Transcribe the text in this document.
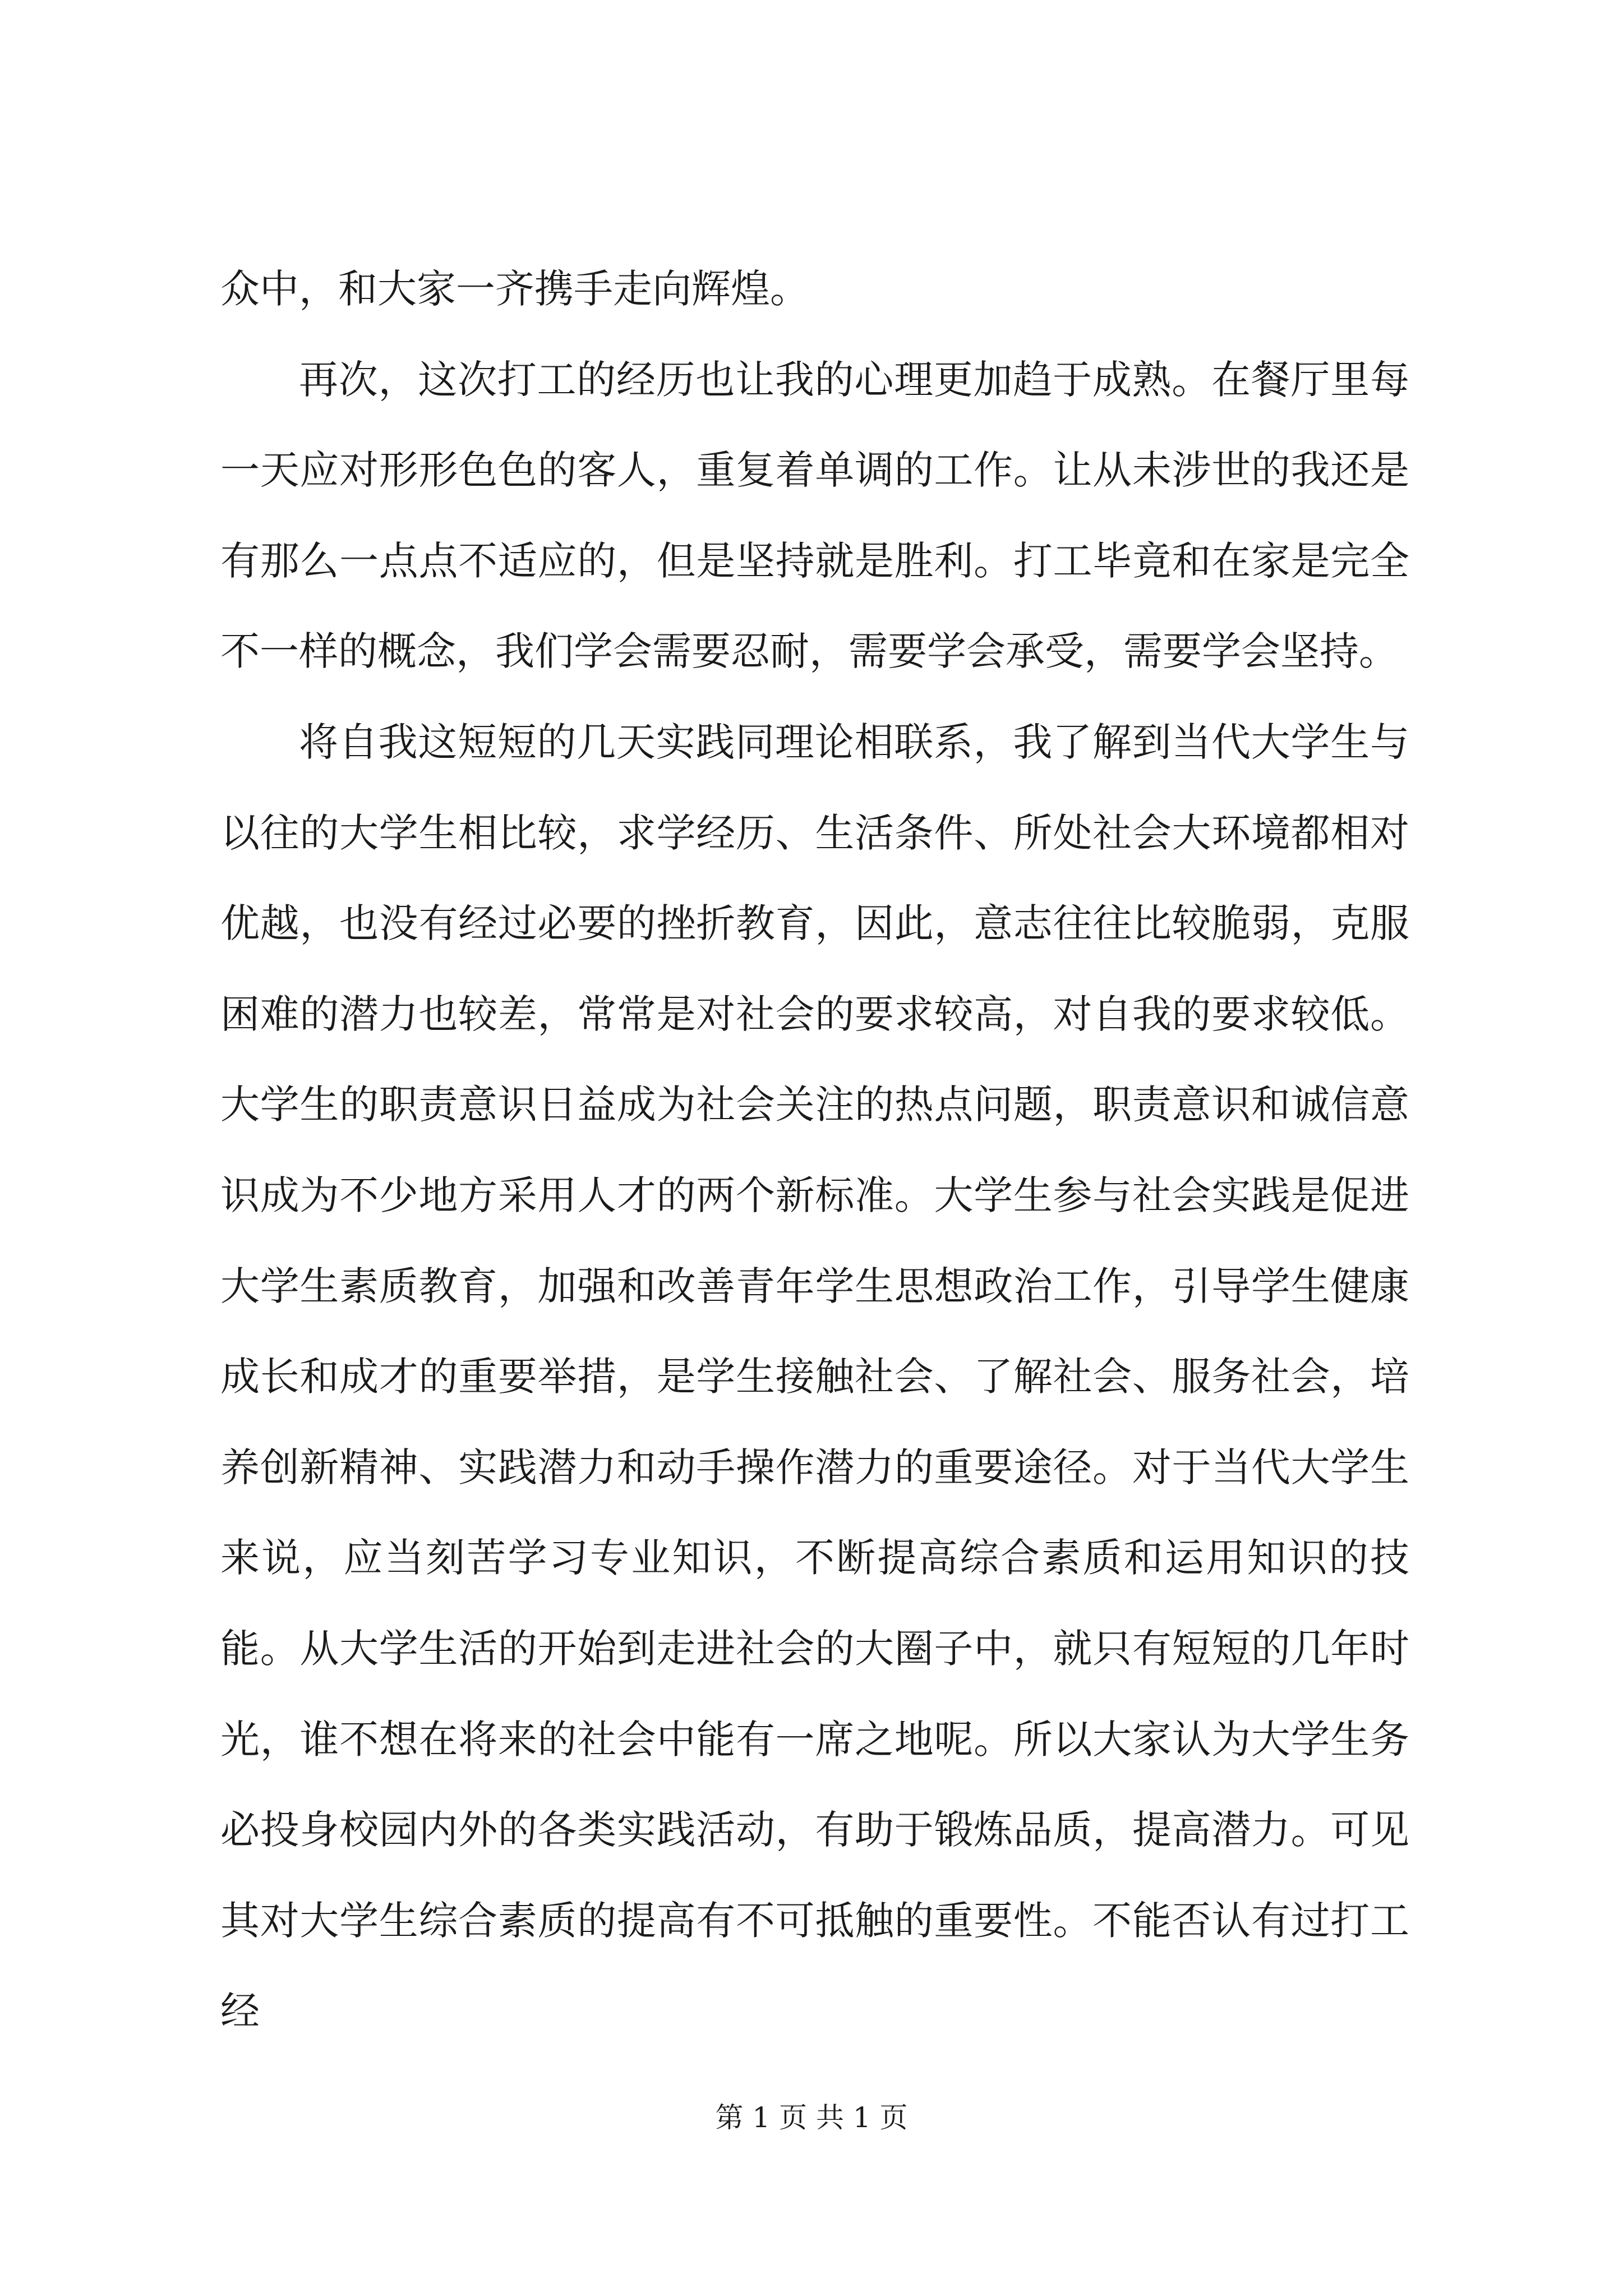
众中，和大家一齐携手走向辉煌。

再次，这次打工的经历也让我的心理更加趋于成熟。在餐厅里每一天应对形形色色的客人，重复着单调的工作。让从未涉世的我还是有那么一点点不适应的，但是坚持就是胜利。打工毕竟和在家是完全不一样的概念，我们学会需要忍耐，需要学会承受，需要学会坚持。

将自我这短短的几天实践同理论相联系，我了解到当代大学生与以往的大学生相比较，求学经历、生活条件、所处社会大环境都相对优越，也没有经过必要的挫折教育，因此，意志往往比较脆弱，克服困难的潜力也较差，常常是对社会的要求较高，对自我的要求较低。大学生的职责意识日益成为社会关注的热点问题，职责意识和诚信意识成为不少地方采用人才的两个新标准。大学生参与社会实践是促进大学生素质教育，加强和改善青年学生思想政治工作，引导学生健康成长和成才的重要举措，是学生接触社会、了解社会、服务社会，培养创新精神、实践潜力和动手操作潜力的重要途径。对于当代大学生来说，应当刻苦学习专业知识，不断提高综合素质和运用知识的技能。从大学生活的开始到走进社会的大圈子中，就只有短短的几年时光，谁不想在将来的社会中能有一席之地呢。所以大家认为大学生务必投身校园内外的各类实践活动，有助于锻炼品质，提高潜力。可见其对大学生综合素质的提高有不可抵触的重要性。不能否认有过打工经

第 1 页 共 1 页
